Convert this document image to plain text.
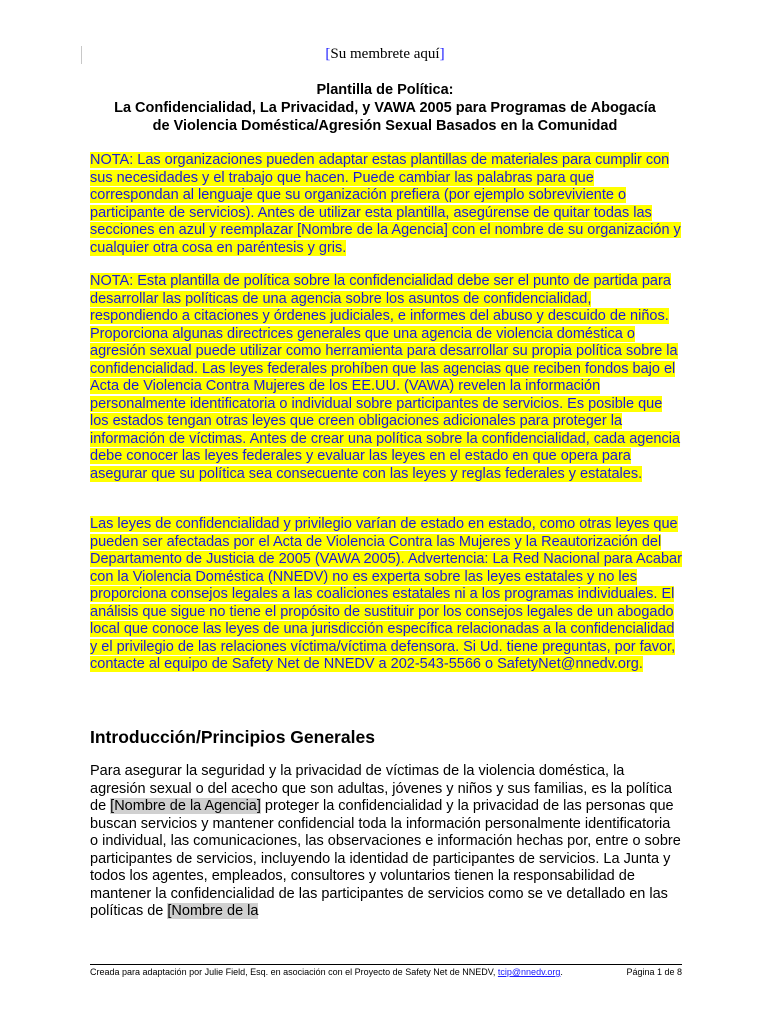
[Su membrete aquí]
Plantilla de Política:
La Confidencialidad, La Privacidad, y VAWA 2005 para Programas de Abogacía
de Violencia Doméstica/Agresión Sexual Basados en la Comunidad

NOTA: Las organizaciones pueden adaptar estas plantillas de materiales para cumplir con sus necesidades y el trabajo que hacen. Puede cambiar las palabras para que correspondan al lenguaje que su organización prefiera (por ejemplo sobreviviente o participante de servicios). Antes de utilizar esta plantilla, asegúrense de quitar todas las secciones en azul y reemplazar [Nombre de la Agencia] con el nombre de su organización y cualquier otra cosa en paréntesis y gris.

NOTA: Esta plantilla de política sobre la confidencialidad debe ser el punto de partida para desarrollar las políticas de una agencia sobre los asuntos de confidencialidad, respondiendo a citaciones y órdenes judiciales, e informes del abuso y descuido de niños. Proporciona algunas directrices generales que una agencia de violencia doméstica o agresión sexual puede utilizar como herramienta para desarrollar su propia política sobre la confidencialidad. Las leyes federales prohíben que las agencias que reciben fondos bajo el Acta de Violencia Contra Mujeres de los EE.UU. (VAWA) revelen la información personalmente identificatoria o individual sobre participantes de servicios. Es posible que los estados tengan otras leyes que creen obligaciones adicionales para proteger la información de víctimas. Antes de crear una política sobre la confidencialidad, cada agencia debe conocer las leyes federales y evaluar las leyes en el estado en que opera para asegurar que su política sea consecuente con las leyes y reglas federales y estatales.

Las leyes de confidencialidad y privilegio varían de estado en estado, como otras leyes que pueden ser afectadas por el Acta de Violencia Contra las Mujeres y la Reautorización del Departamento de Justicia de 2005 (VAWA 2005). Advertencia: La Red Nacional para Acabar con la Violencia Doméstica (NNEDV) no es experta sobre las leyes estatales y no les proporciona consejos legales a las coaliciones estatales ni a los programas individuales. El análisis que sigue no tiene el propósito de sustituir por los consejos legales de un abogado local que conoce las leyes de una jurisdicción específica relacionadas a la confidencialidad y el privilegio de las relaciones víctima/víctima defensora. Si Ud. tiene preguntas, por favor, contacte al equipo de Safety Net de NNEDV a 202-543-5566 o SafetyNet@nnedv.org.

Introducción/Principios Generales

Para asegurar la seguridad y la privacidad de víctimas de la violencia doméstica, la agresión sexual o del acecho que son adultas, jóvenes y niños y sus familias, es la política de [Nombre de la Agencia] proteger la confidencialidad y la privacidad de las personas que buscan servicios y mantener confidencial toda la información personalmente identificatoria o individual, las comunicaciones, las observaciones e información hechas por, entre o sobre participantes de servicios, incluyendo la identidad de participantes de servicios. La Junta y todos los agentes, empleados, consultores y voluntarios tienen la responsabilidad de mantener la confidencialidad de las participantes de servicios como se ve detallado en las políticas de [Nombre de la

Creada para adaptación por Julie Field, Esq. en asociación con el Proyecto de Safety Net de NNEDV, tcip@nnedv.org.	Página 1 de 8
